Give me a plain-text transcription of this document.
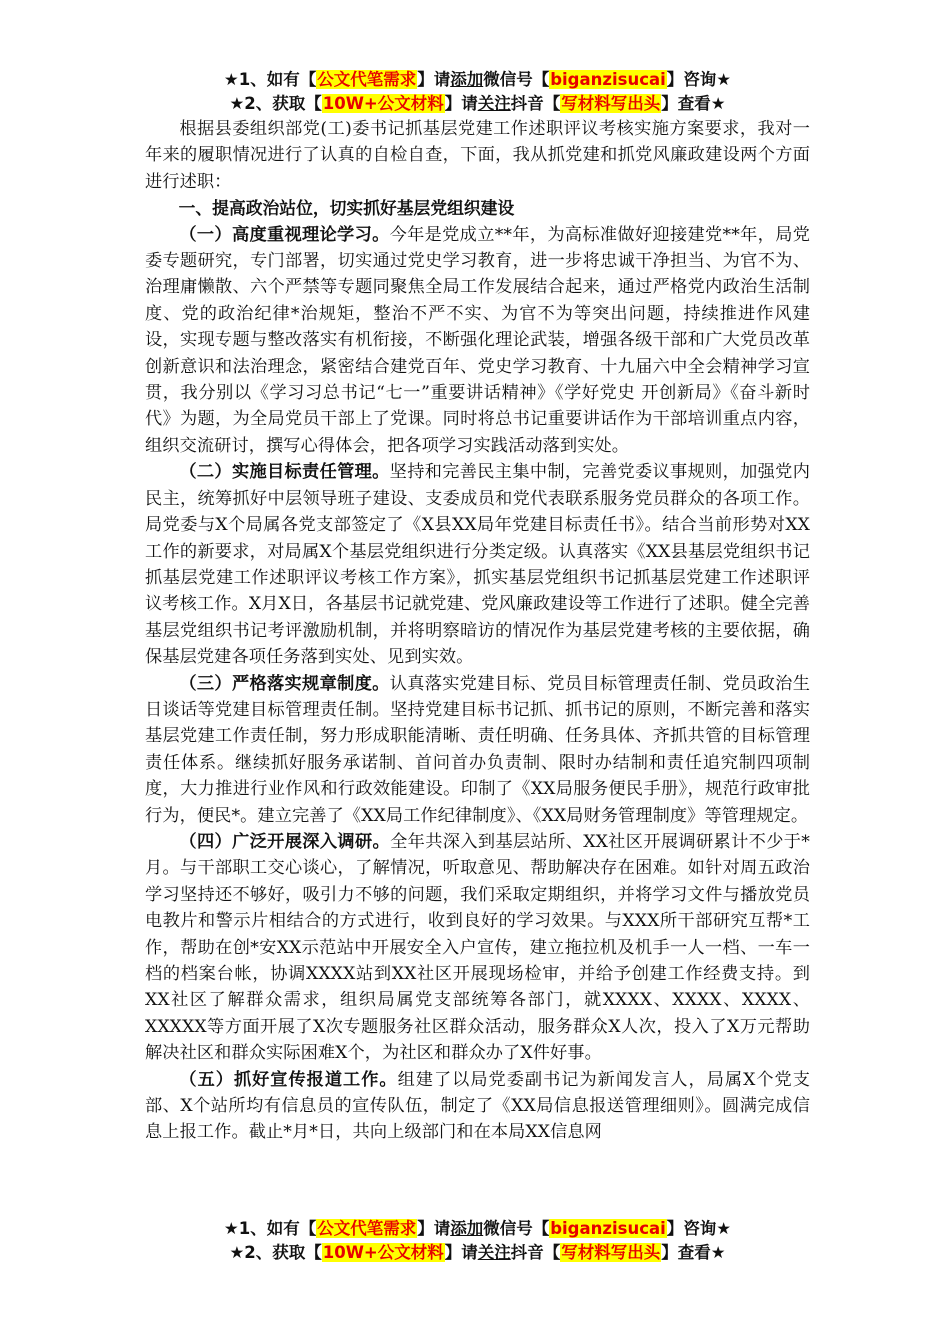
★1、如有【公文代笔需求】请添加微信号【biganzisucai】咨询★
★2、获取【10W+公文材料】请关注抖音【写材料写出头】查看★

根据县委组织部党(工)委书记抓基层党建工作述职评议考核实施方案要求，我对一年来的履职情况进行了认真的自检自查，下面，我从抓党建和抓党风廉政建设两个方面进行述职：

一、提高政治站位，切实抓好基层党组织建设

（一）高度重视理论学习。今年是党成立**年，为高标准做好迎接建党**年，局党委专题研究，专门部署，切实通过党史学习教育，进一步将忠诚干净担当、为官不为、治理庸懒散、六个严禁等专题同聚焦全局工作发展结合起来，通过严格党内政治生活制度、党的政治纪律*治规矩，整治不严不实、为官不为等突出问题，持续推进作风建设，实现专题与整改落实有机衔接，不断强化理论武装，增强各级干部和广大党员改革创新意识和法治理念，紧密结合建党百年、党史学习教育、十九届六中全会精神学习宣贯，我分别以《学习习总书记“七一”重要讲话精神》《学好党史 开创新局》《奋斗新时代》为题，为全局党员干部上了党课。同时将总书记重要讲话作为干部培训重点内容，组织交流研讨，撰写心得体会，把各项学习实践活动落到实处。

（二）实施目标责任管理。坚持和完善民主集中制，完善党委议事规则，加强党内民主，统筹抓好中层领导班子建设、支委成员和党代表联系服务党员群众的各项工作。局党委与X个局属各党支部签定了《X县XX局年党建目标责任书》。结合当前形势对XX工作的新要求，对局属X个基层党组织进行分类定级。认真落实《XX县基层党组织书记抓基层党建工作述职评议考核工作方案》，抓实基层党组织书记抓基层党建工作述职评议考核工作。X月X日，各基层书记就党建、党风廉政建设等工作进行了述职。健全完善基层党组织书记考评激励机制，并将明察暗访的情况作为基层党建考核的主要依据，确保基层党建各项任务落到实处、见到实效。

（三）严格落实规章制度。认真落实党建目标、党员目标管理责任制、党员政治生日谈话等党建目标管理责任制。坚持党建目标书记抓、抓书记的原则，不断完善和落实基层党建工作责任制，努力形成职能清晰、责任明确、任务具体、齐抓共管的目标管理责任体系。继续抓好服务承诺制、首问首办负责制、限时办结制和责任追究制四项制度，大力推进行业作风和行政效能建设。印制了《XX局服务便民手册》，规范行政审批行为，便民*。建立完善了《XX局工作纪律制度》、《XX局财务管理制度》等管理规定。

（四）广泛开展深入调研。全年共深入到基层站所、XX社区开展调研累计不少于*月。与干部职工交心谈心，了解情况，听取意见、帮助解决存在困难。如针对周五政治学习坚持还不够好，吸引力不够的问题，我们采取定期组织，并将学习文件与播放党员电教片和警示片相结合的方式进行，收到良好的学习效果。与XXX所干部研究互帮*工作，帮助在创*安XX示范站中开展安全入户宣传，建立拖拉机及机手一人一档、一车一档的档案台帐，协调XXXX站到XX社区开展现场检审，并给予创建工作经费支持。到XX社区了解群众需求，组织局属党支部统筹各部门，就XXXX、XXXX、XXXX、XXXXX等方面开展了X次专题服务社区群众活动，服务群众X人次，投入了X万元帮助解决社区和群众实际困难X个，为社区和群众办了X件好事。

（五）抓好宣传报道工作。组建了以局党委副书记为新闻发言人，局属X个党支部、X个站所均有信息员的宣传队伍，制定了《XX局信息报送管理细则》。圆满完成信息上报工作。截止*月*日，共向上级部门和在本局XX信息网

★1、如有【公文代笔需求】请添加微信号【biganzisucai】咨询★
★2、获取【10W+公文材料】请关注抖音【写材料写出头】查看★
